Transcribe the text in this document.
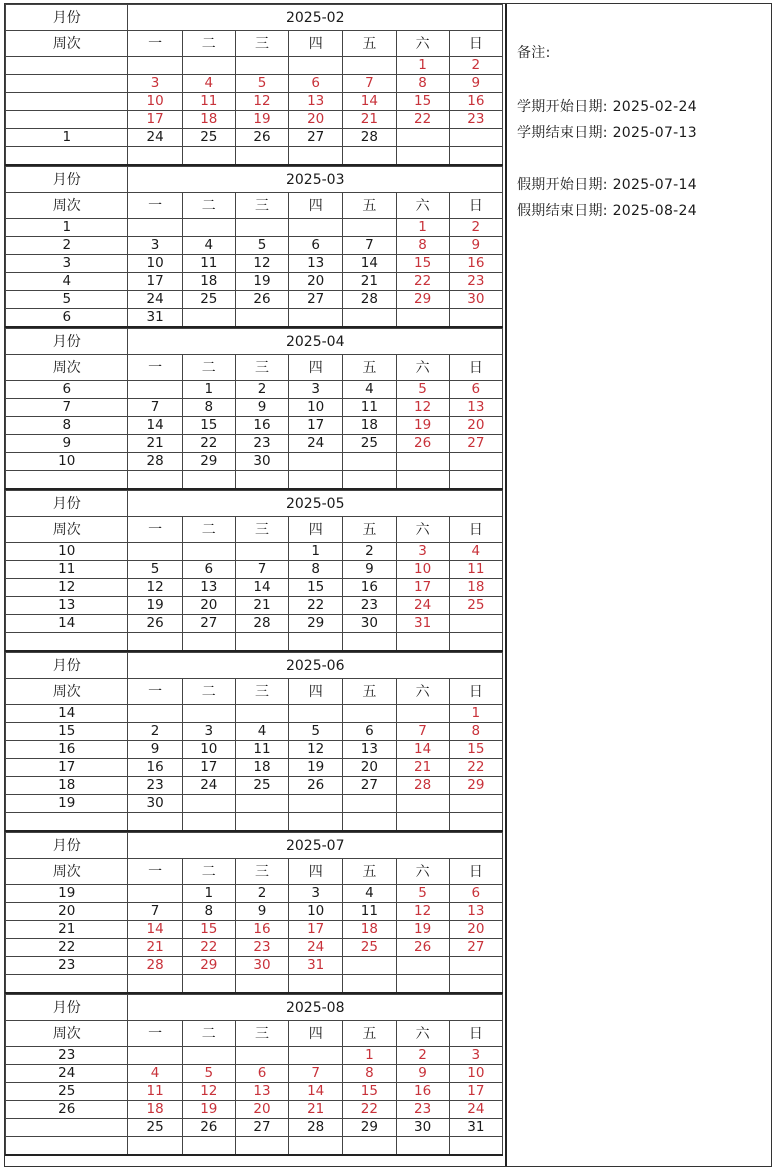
月份	2025-02						
周次	一	二	三	四	五	六	日
						1	2
	3	4	5	6	7	8	9
	10	11	12	13	14	15	16
	17	18	19	20	21	22	23
1	24	25	26	27	28		

月份	2025-03						
周次	一	二	三	四	五	六	日
1						1	2
2	3	4	5	6	7	8	9
3	10	11	12	13	14	15	16
4	17	18	19	20	21	22	23
5	24	25	26	27	28	29	30
6	31						
月份	2025-04						
周次	一	二	三	四	五	六	日
6		1	2	3	4	5	6
7	7	8	9	10	11	12	13
8	14	15	16	17	18	19	20
9	21	22	23	24	25	26	27
10	28	29	30				

月份	2025-05						
周次	一	二	三	四	五	六	日
10				1	2	3	4
11	5	6	7	8	9	10	11
12	12	13	14	15	16	17	18
13	19	20	21	22	23	24	25
14	26	27	28	29	30	31	

月份	2025-06						
周次	一	二	三	四	五	六	日
14							1
15	2	3	4	5	6	7	8
16	9	10	11	12	13	14	15
17	16	17	18	19	20	21	22
18	23	24	25	26	27	28	29
19	30						

月份	2025-07						
周次	一	二	三	四	五	六	日
19		1	2	3	4	5	6
20	7	8	9	10	11	12	13
21	14	15	16	17	18	19	20
22	21	22	23	24	25	26	27
23	28	29	30	31			

月份	2025-08						
周次	一	二	三	四	五	六	日
23					1	2	3
24	4	5	6	7	8	9	10
25	11	12	13	14	15	16	17
26	18	19	20	21	22	23	24
	25	26	27	28	29	30	31

备注:
学期开始日期: 2025-02-24
学期结束日期: 2025-07-13
假期开始日期: 2025-07-14
假期结束日期: 2025-08-24
